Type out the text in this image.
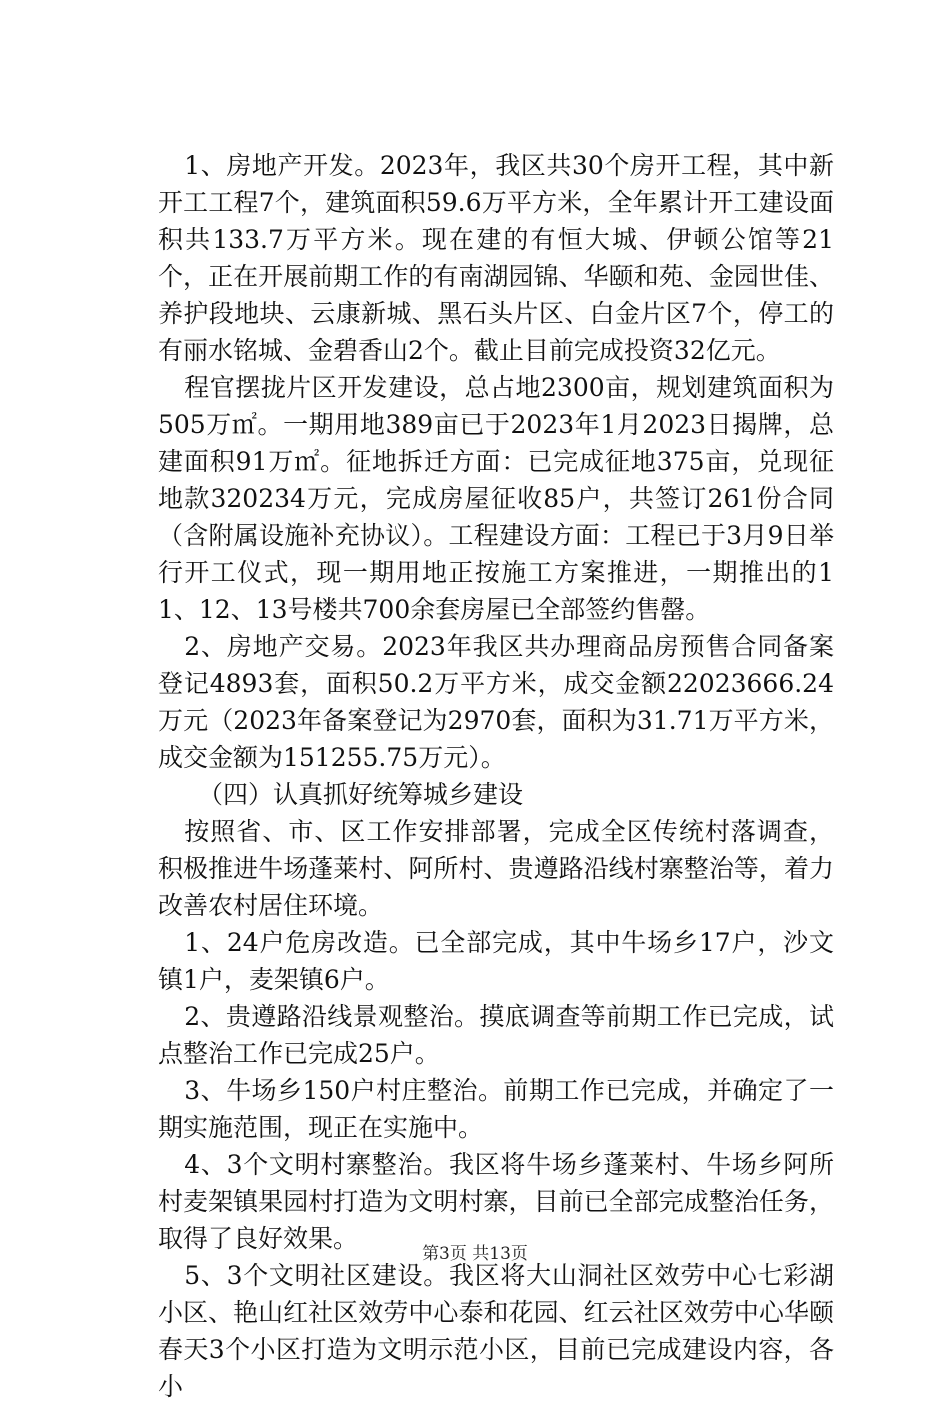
1、房地产开发。2023年，我区共30个房开工程，其中新开工工程7个，建筑面积59.6万平方米，全年累计开工建设面积共133.7万平方米。现在建的有恒大城、伊顿公馆等21个，正在开展前期工作的有南湖园锦、华颐和苑、金园世佳、养护段地块、云康新城、黑石头片区、白金片区7个，停工的有丽水铭城、金碧香山2个。截止目前完成投资32亿元。

程官摆拢片区开发建设，总占地2300亩，规划建筑面积为505万㎡。一期用地389亩已于2023年1月2023日揭牌，总建面积91万㎡。征地拆迁方面：已完成征地375亩，兑现征地款320234万元，完成房屋征收85户，共签订261份合同（含附属设施补充协议）。工程建设方面：工程已于3月9日举行开工仪式，现一期用地正按施工方案推进，一期推出的11、12、13号楼共700余套房屋已全部签约售罄。

2、房地产交易。2023年我区共办理商品房预售合同备案登记4893套，面积50.2万平方米，成交金额22023666.24万元（2023年备案登记为2970套，面积为31.71万平方米，成交金额为151255.75万元）。

（四）认真抓好统筹城乡建设

按照省、市、区工作安排部署，完成全区传统村落调查，积极推进牛场蓬莱村、阿所村、贵遵路沿线村寨整治等，着力改善农村居住环境。

1、24户危房改造。已全部完成，其中牛场乡17户，沙文镇1户，麦架镇6户。

2、贵遵路沿线景观整治。摸底调查等前期工作已完成，试点整治工作已完成25户。

3、牛场乡150户村庄整治。前期工作已完成，并确定了一期实施范围，现正在实施中。

4、3个文明村寨整治。我区将牛场乡蓬莱村、牛场乡阿所村麦架镇果园村打造为文明村寨，目前已全部完成整治任务，取得了良好效果。

5、3个文明社区建设。我区将大山洞社区效劳中心七彩湖小区、艳山红社区效劳中心泰和花园、红云社区效劳中心华颐春天3个小区打造为文明示范小区，目前已完成建设内容，各小

第3页 共13页
